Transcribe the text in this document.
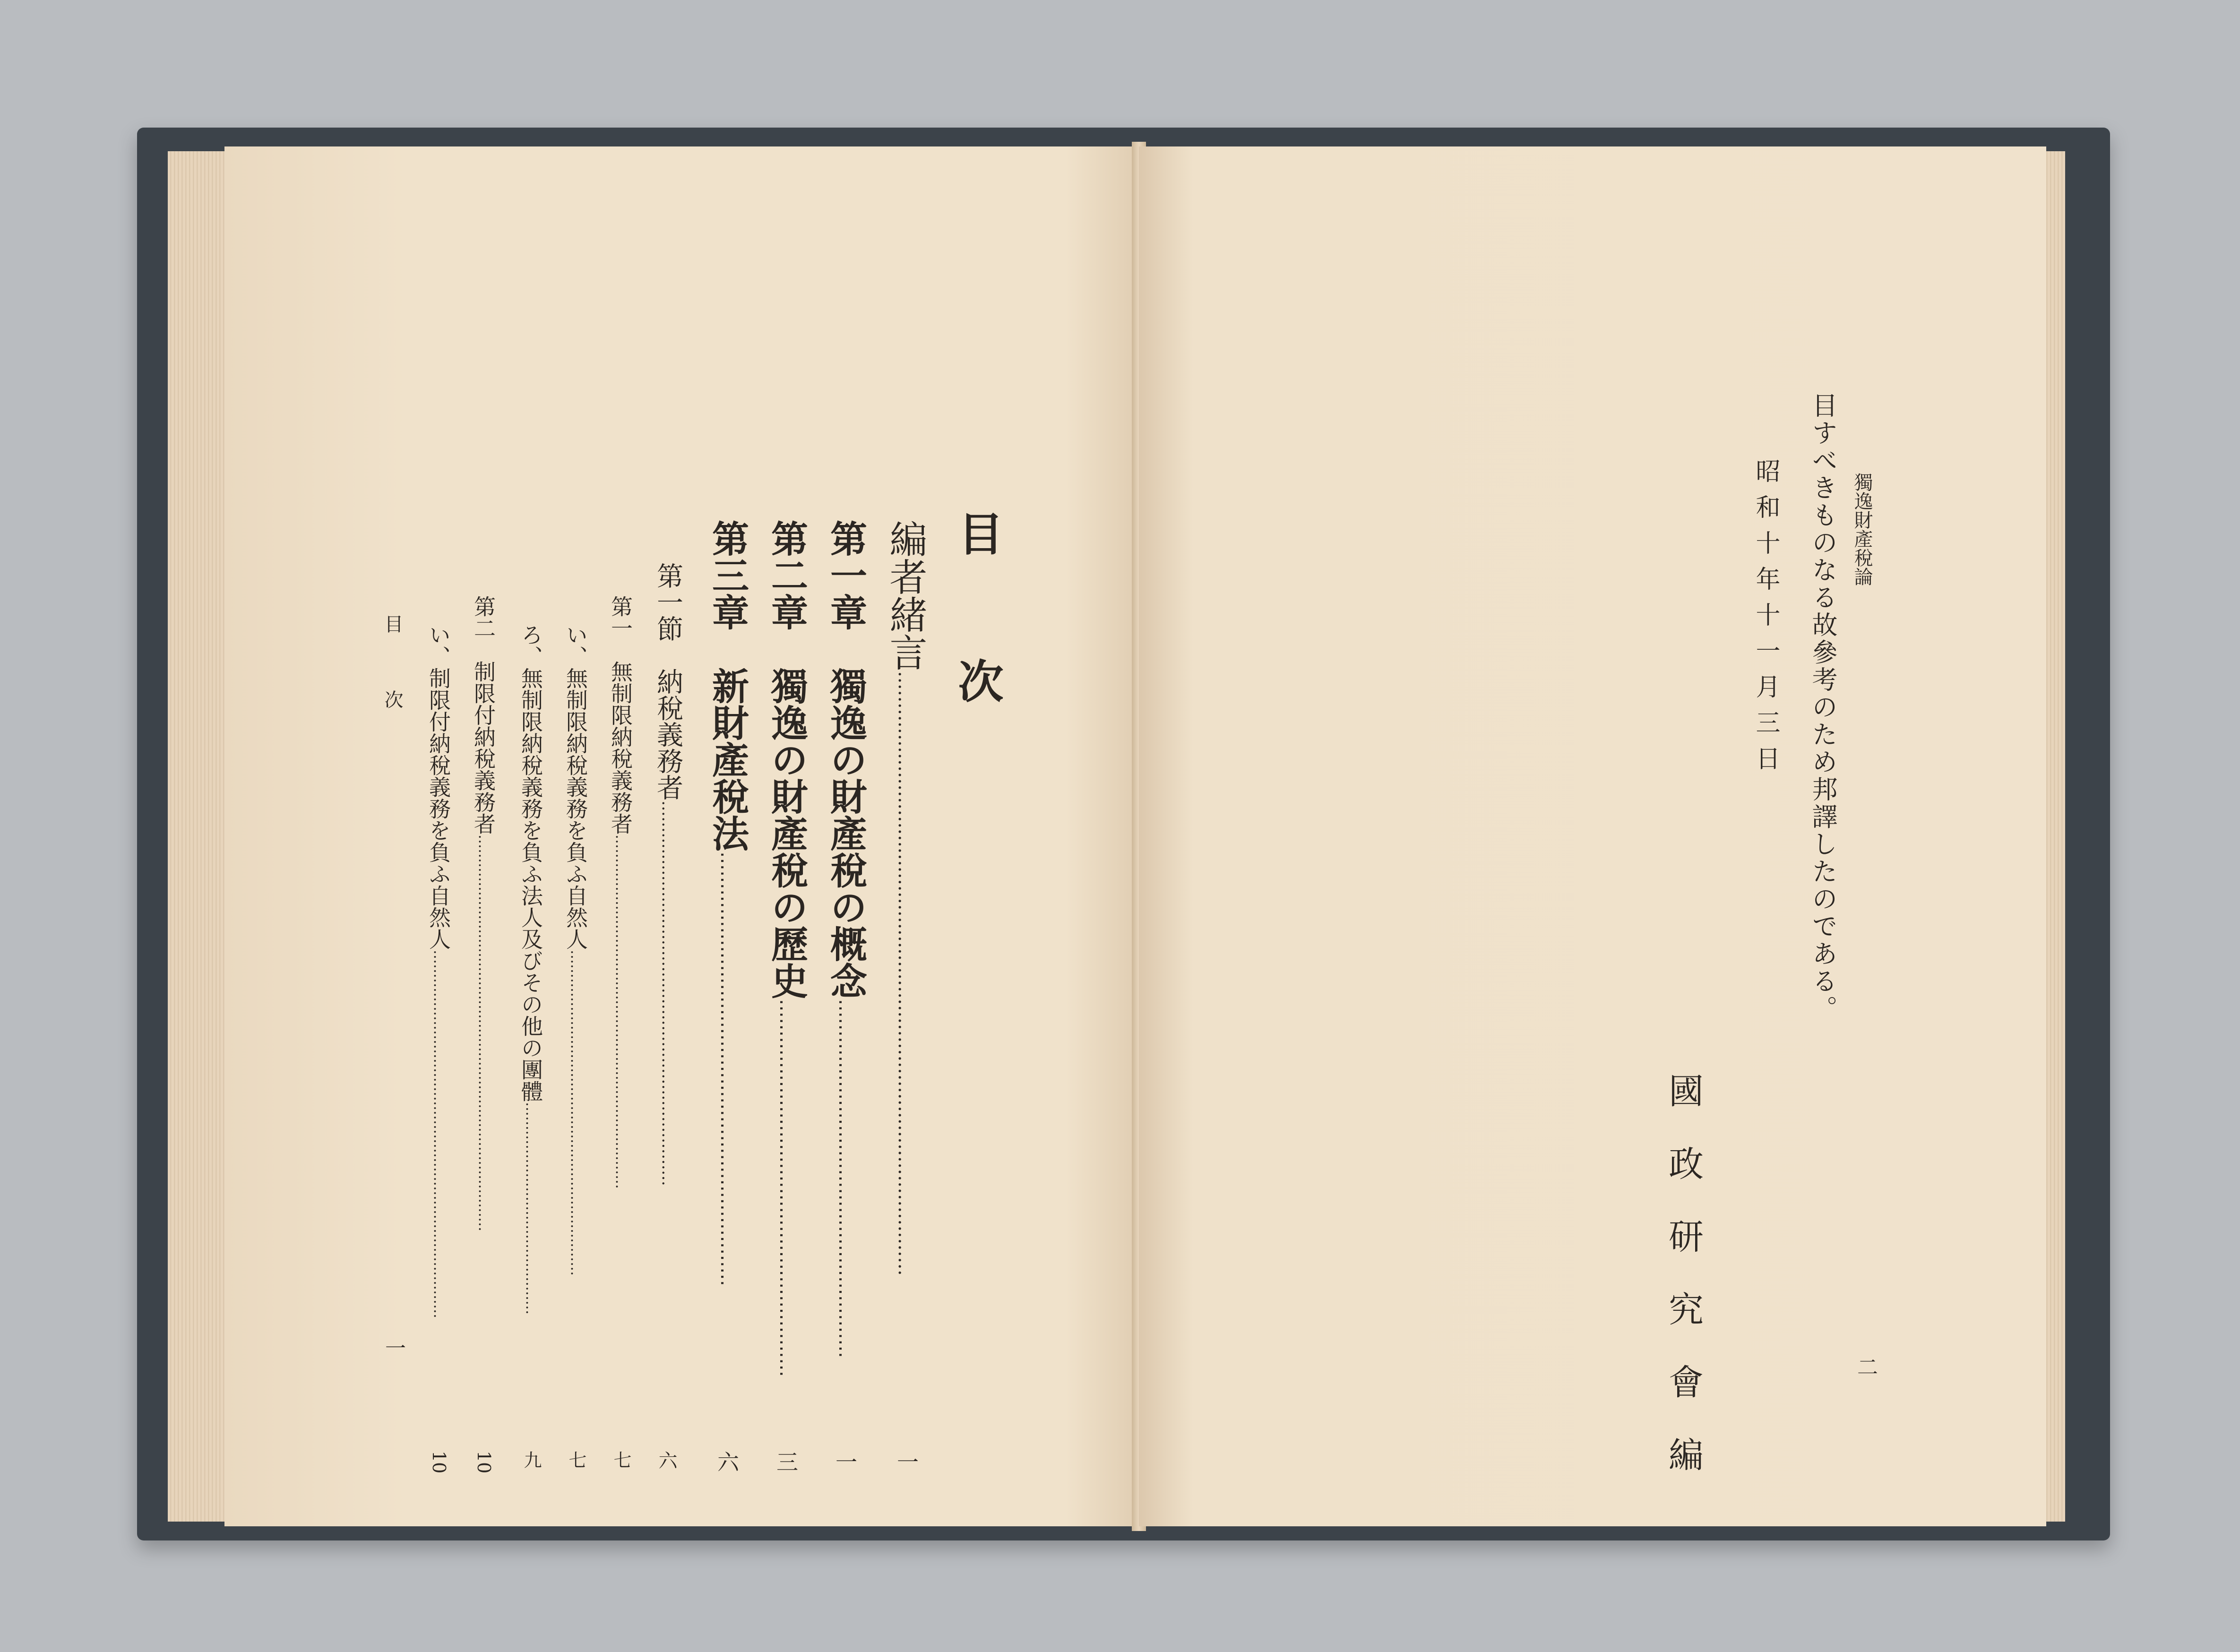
目　次
編者緒言……………………………………………………………………………………
一
第一章　獨逸の財產稅の概念…………………………………………………
一
第二章　獨逸の財產稅の歷史……………………………………………………
三
第三章　新財產稅法……………………………………………………………
六
第一節　納稅義務者………………………………………………………………
六
第一　無制限納稅義務者…………………………………………………………………
七
い、無制限納稅義務を負ふ自然人……………………………………………………………
七
ろ、無制限納稅義務を負ふ法人及びその他の團體………………………………………
九
第二　制限付納稅義務者…………………………………………………………………………
10
い、制限付納稅義務を負ふ自然人……………………………………………………………………
10
目　次
一
獨逸財產稅論
目すべきものなる故參考のため邦譯したのである。
昭和十年十一月三日
國政研究會編	二
